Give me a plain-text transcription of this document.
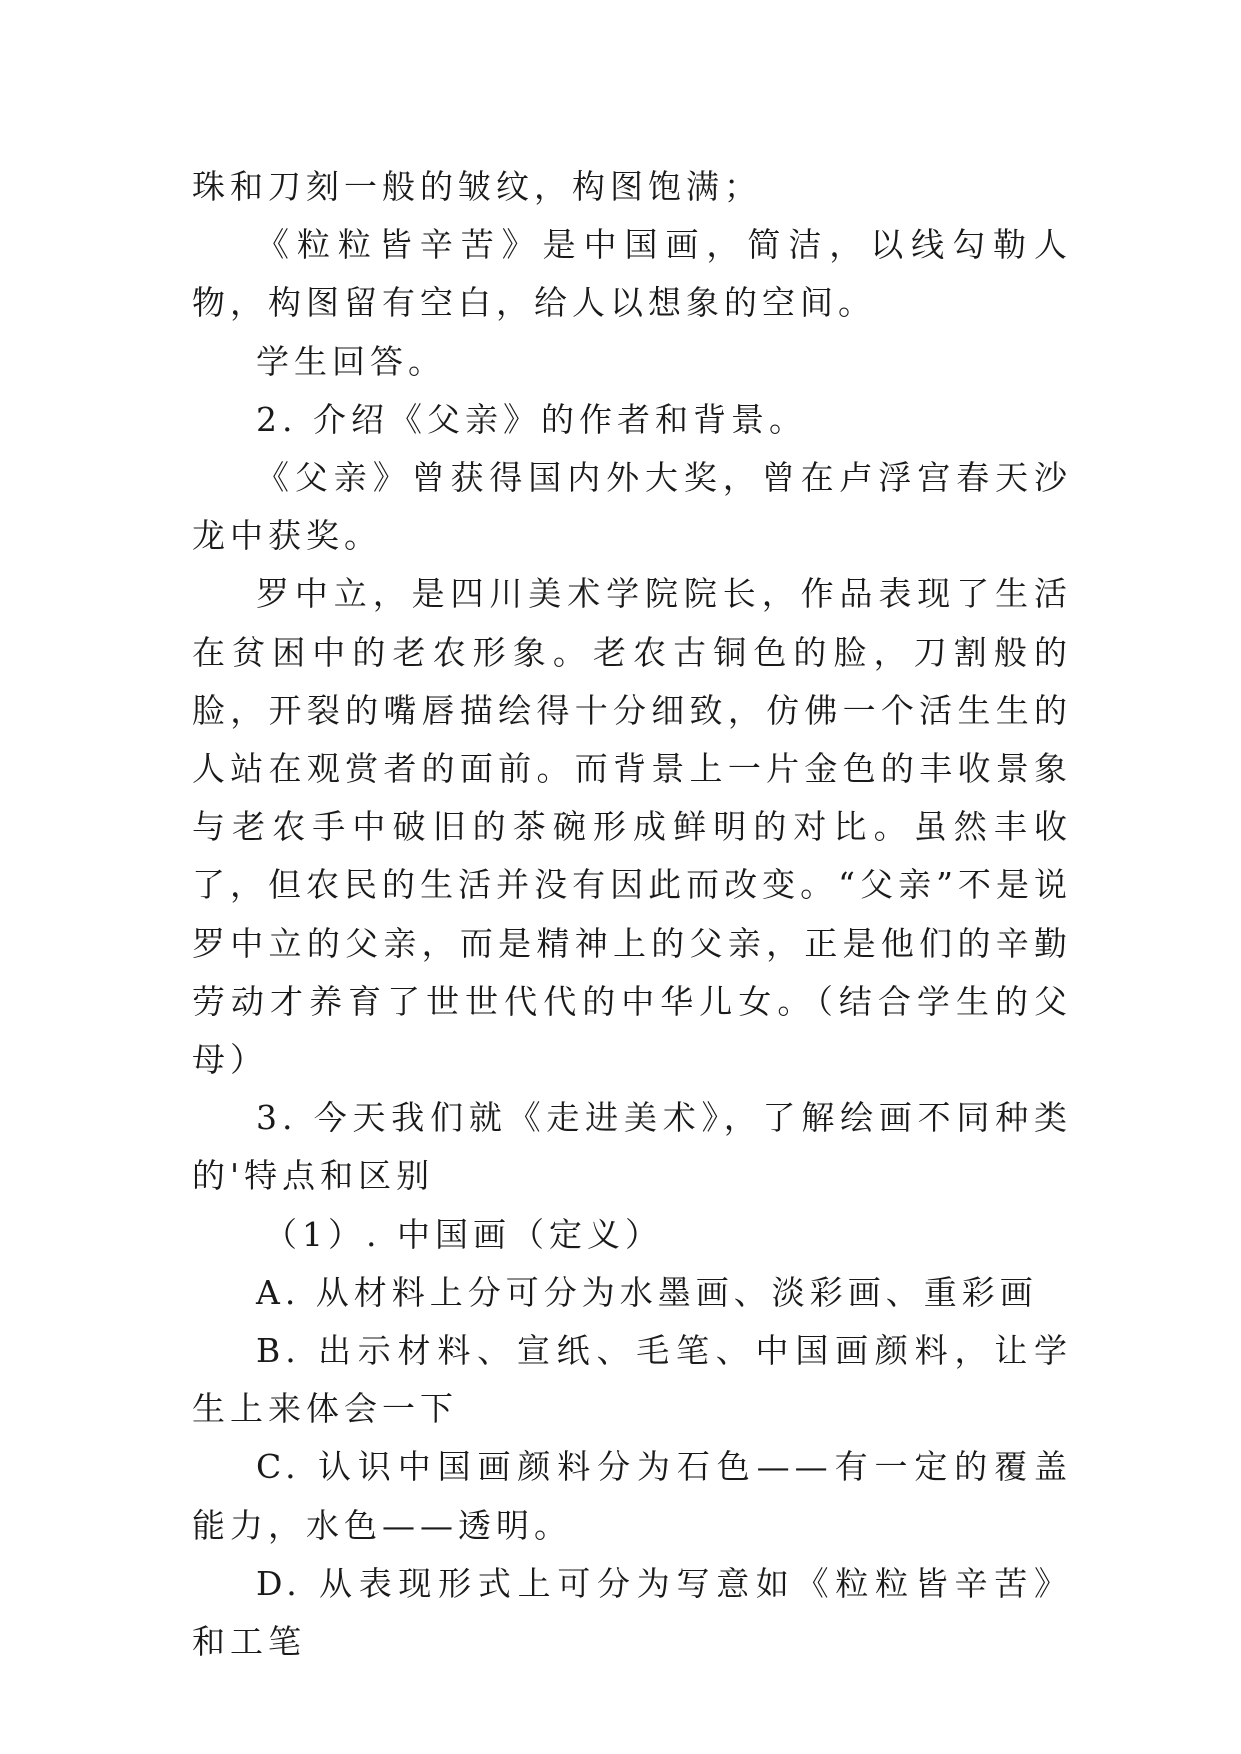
珠和刀刻一般的皱纹，构图饱满；

《粒粒皆辛苦》是中国画，简洁，以线勾勒人物，构图留有空白，给人以想象的空间。

学生回答。

2. 介绍《父亲》的作者和背景。

《父亲》曾获得国内外大奖，曾在卢浮宫春天沙龙中获奖。

罗中立，是四川美术学院院长，作品表现了生活在贫困中的老农形象。老农古铜色的脸，刀割般的脸，开裂的嘴唇描绘得十分细致，仿佛一个活生生的人站在观赏者的面前。而背景上一片金色的丰收景象与老农手中破旧的茶碗形成鲜明的对比。虽然丰收了，但农民的生活并没有因此而改变。“父亲”不是说罗中立的父亲，而是精神上的父亲，正是他们的辛勤劳动才养育了世世代代的中华儿女。（结合学生的父母）

3. 今天我们就《走进美术》，了解绘画不同种类的'特点和区别

（1）. 中国画（定义）

A. 从材料上分可分为水墨画、淡彩画、重彩画

B. 出示材料、宣纸、毛笔、中国画颜料，让学生上来体会一下

C. 认识中国画颜料分为石色——有一定的覆盖能力，水色——透明。

D. 从表现形式上可分为写意如《粒粒皆辛苦》和工笔
